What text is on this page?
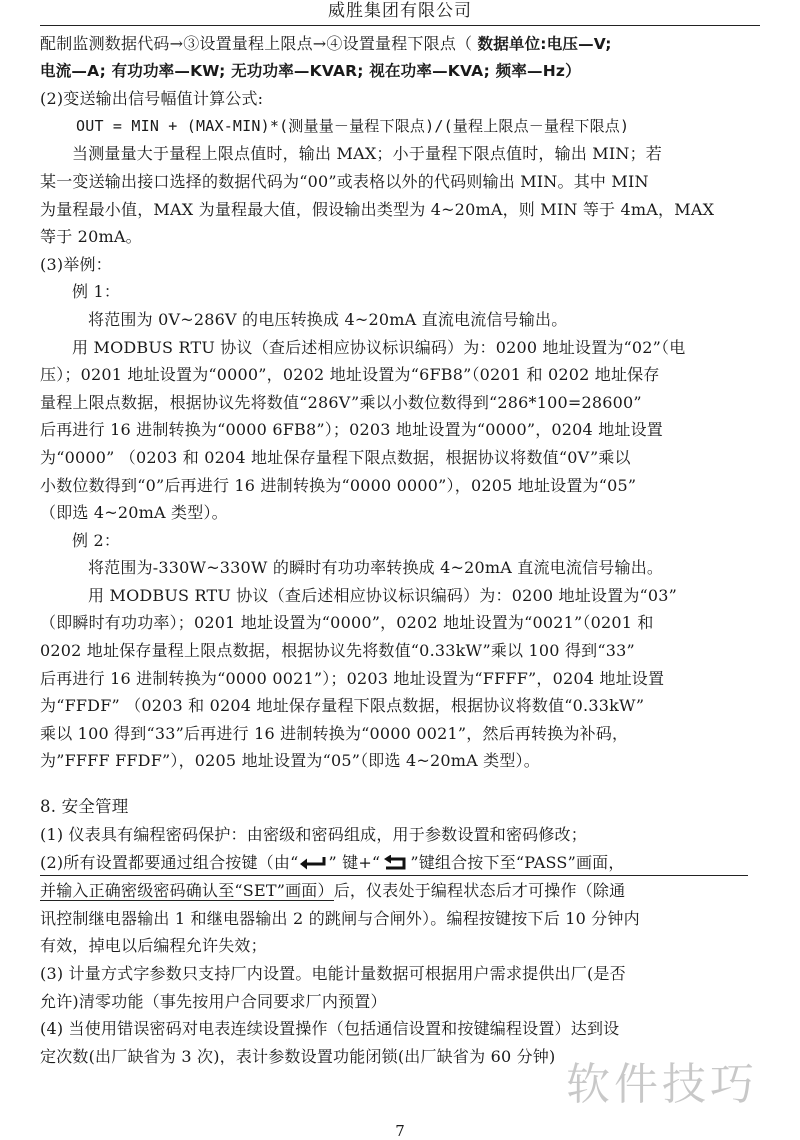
威胜集团有限公司
配制监测数据代码→③设置量程上限点→④设置量程下限点（ 数据单位:电压—V;
电流—A; 有功功率—KW; 无功功率—KVAR; 视在功率—KVA; 频率—Hz）
(2)变送输出信号幅值计算公式:
OUT = MIN + (MAX-MIN)*(测量量－量程下限点)/(量程上限点－量程下限点)
当测量量大于量程上限点值时，输出 MAX；小于量程下限点值时，输出 MIN；若
某一变送输出接口选择的数据代码为“00”或表格以外的代码则输出 MIN。其中 MIN
为量程最小值，MAX 为量程最大值，假设输出类型为 4~20mA，则 MIN 等于 4mA，MAX
等于 20mA。
(3)举例：
例 1：
将范围为 0V~286V 的电压转换成 4~20mA 直流电流信号输出。
用 MODBUS RTU 协议（查后述相应协议标识编码）为：0200 地址设置为“02”（电
压）；0201 地址设置为“0000”，0202 地址设置为“6FB8”（0201 和 0202 地址保存
量程上限点数据，根据协议先将数值“286V”乘以小数位数得到“286*100=28600”
后再进行 16 进制转换为“0000 6FB8”）；0203 地址设置为“0000”，0204 地址设置
为“0000” （0203 和 0204 地址保存量程下限点数据，根据协议将数值“0V”乘以
小数位数得到“0”后再进行 16 进制转换为“0000 0000”），0205 地址设置为“05”
（即选 4~20mA 类型）。
例 2：
将范围为-330W~330W 的瞬时有功功率转换成 4~20mA 直流电流信号输出。
用 MODBUS RTU 协议（查后述相应协议标识编码）为：0200 地址设置为“03”
（即瞬时有功功率）；0201 地址设置为“0000”，0202 地址设置为“0021”（0201 和
0202 地址保存量程上限点数据，根据协议先将数值“0.33kW”乘以 100 得到“33”
后再进行 16 进制转换为“0000 0021”）；0203 地址设置为“FFFF”，0204 地址设置
为“FFDF” （0203 和 0204 地址保存量程下限点数据，根据协议将数值“0.33kW”
乘以 100 得到“33”后再进行 16 进制转换为“0000 0021”，然后再转换为补码，
为”FFFF FFDF”），0205 地址设置为“05”（即选 4~20mA 类型）。
8. 安全管理
(1) 仪表具有编程密码保护：由密级和密码组成，用于参数设置和密码修改；
(2)所有设置都要通过组合按键（由“ ” 键+“ ”键组合按下至“PASS”画面，
并输入正确密级密码确认至“SET”画面）后，仪表处于编程状态后才可操作（除通
讯控制继电器输出 1 和继电器输出 2 的跳闸与合闸外）。编程按键按下后 10 分钟内
有效，掉电以后编程允许失效；
(3) 计量方式字参数只支持厂内设置。电能计量数据可根据用户需求提供出厂(是否
允许)清零功能（事先按用户合同要求厂内预置）
(4) 当使用错误密码对电表连续设置操作（包括通信设置和按键编程设置）达到设
定次数(出厂缺省为 3 次)，表计参数设置功能闭锁(出厂缺省为 60 分钟)
软件技巧
7
